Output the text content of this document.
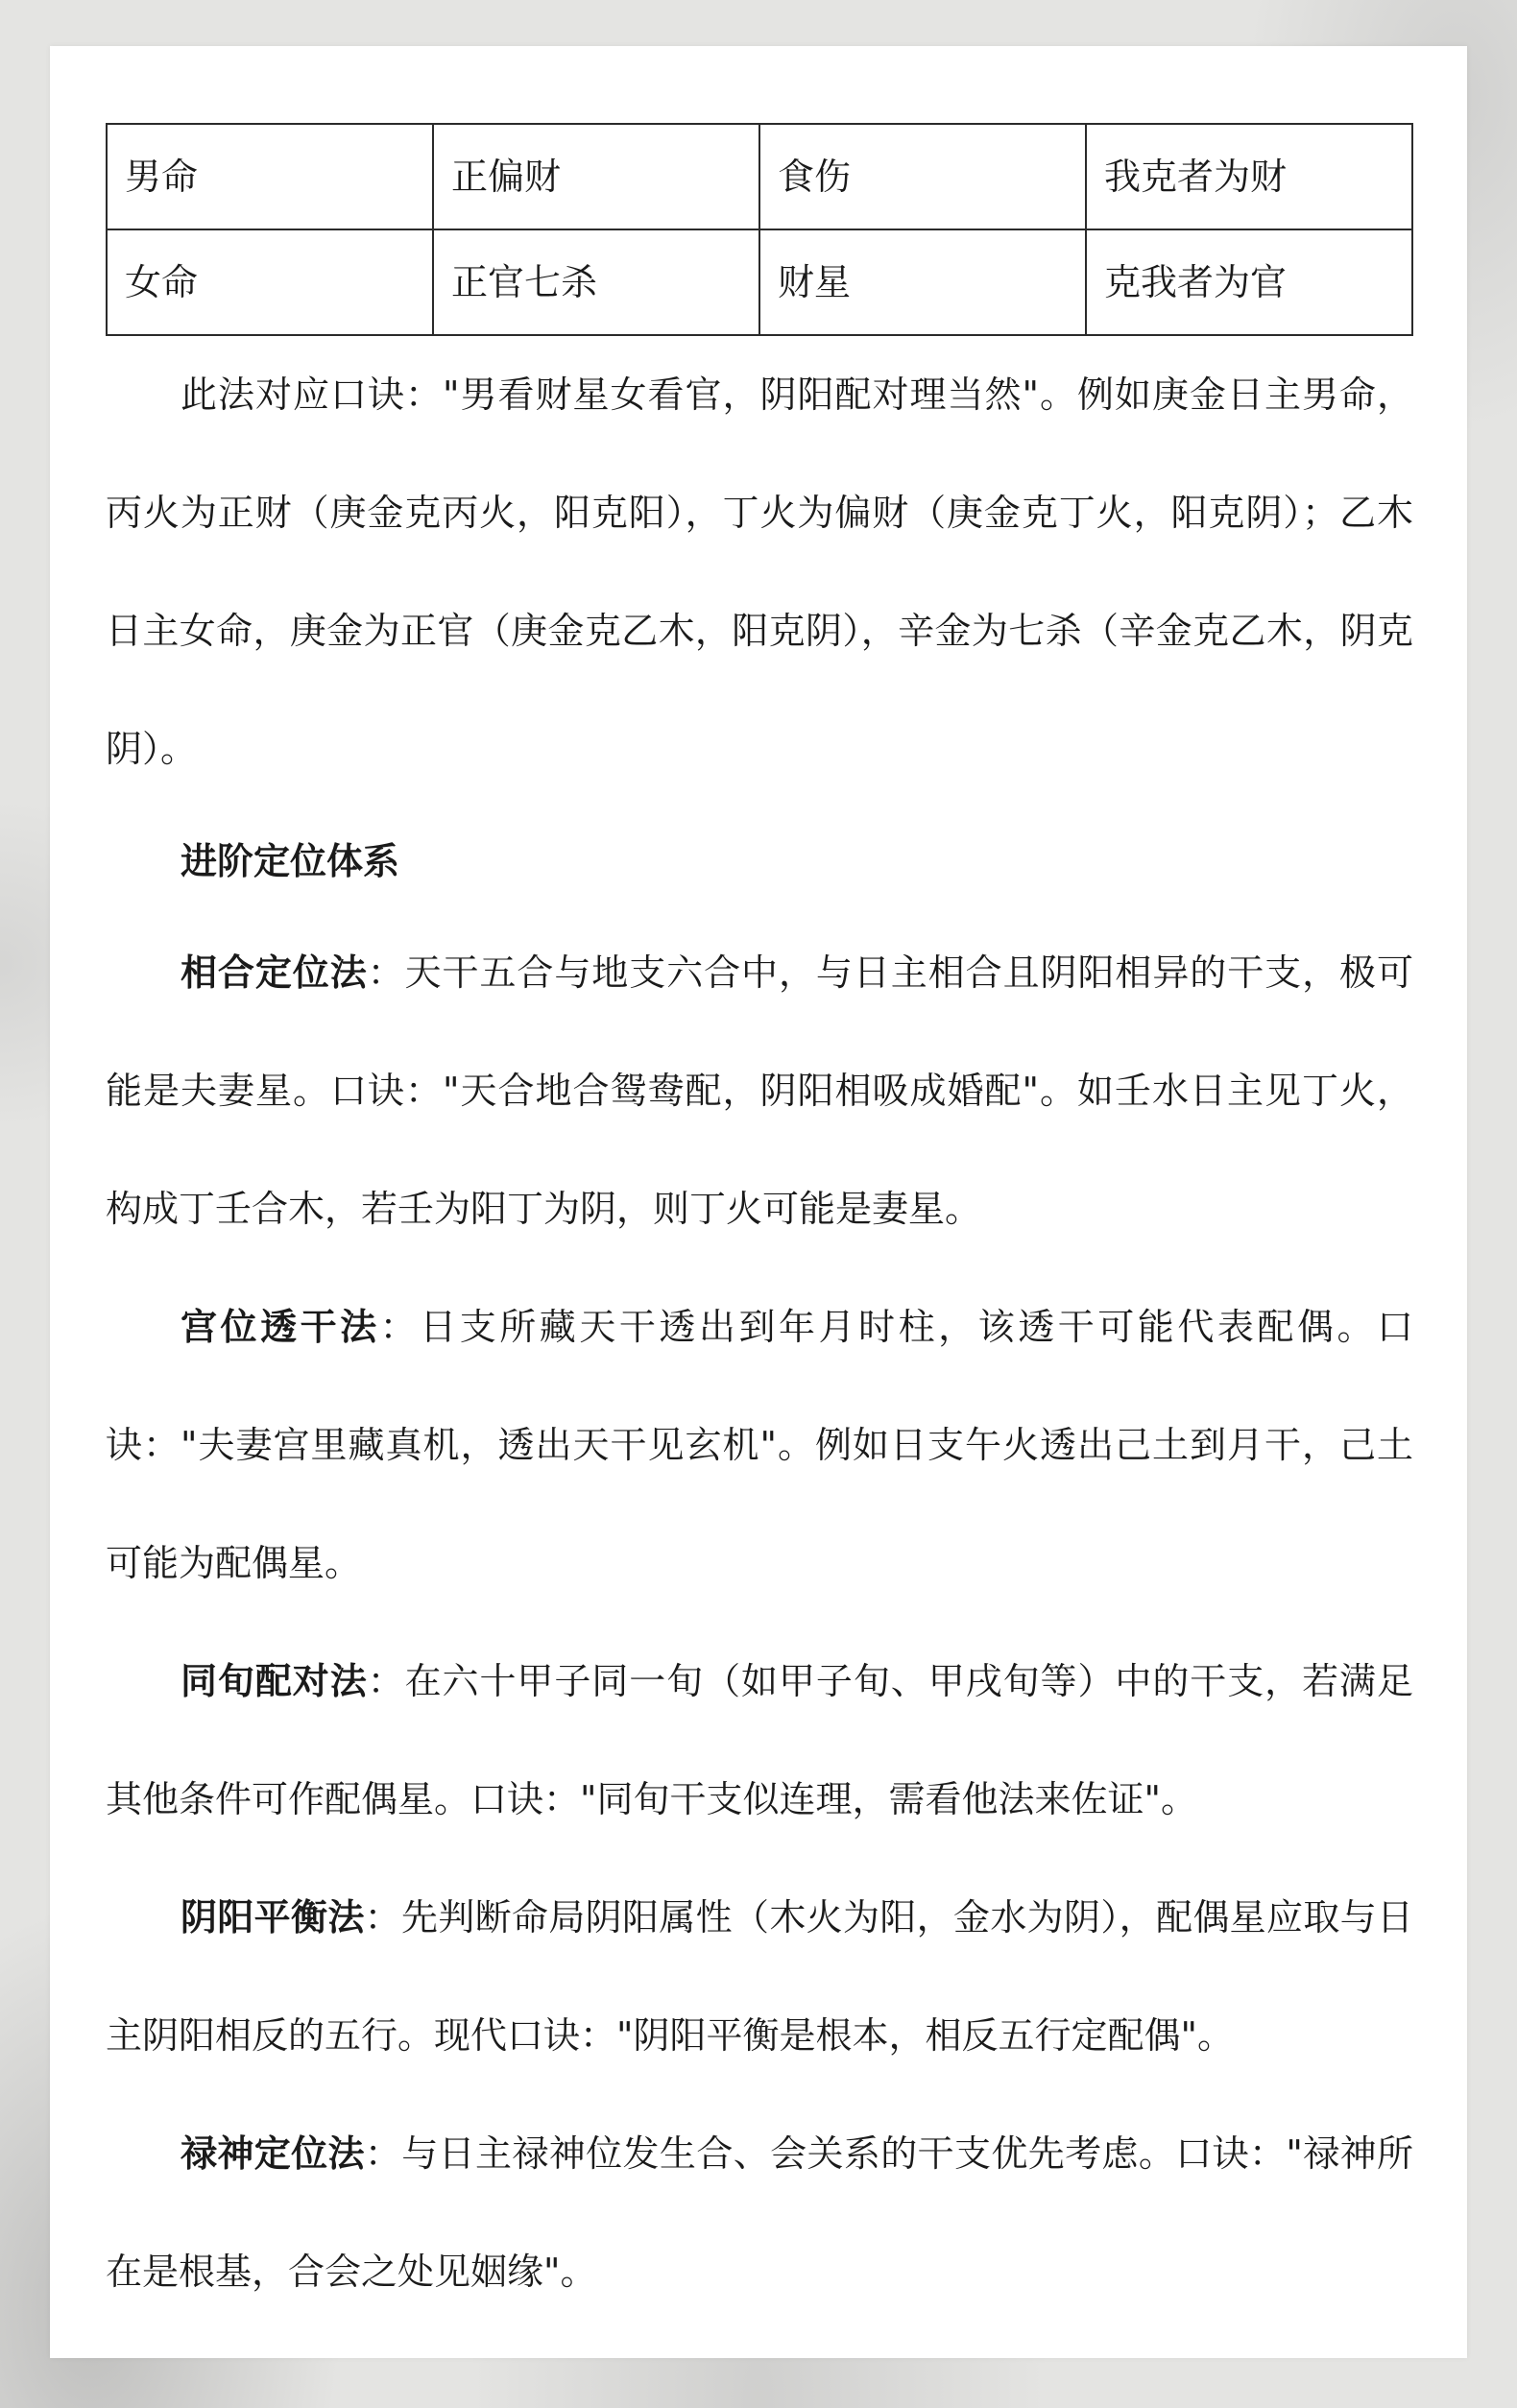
男命	正偏财	食伤	我克者为财
女命	正官七杀	财星	克我者为官

此法对应口诀："男看财星女看官，阴阳配对理当然"。例如庚金日主男命，丙火为正财（庚金克丙火，阳克阳），丁火为偏财（庚金克丁火，阳克阴）；乙木日主女命，庚金为正官（庚金克乙木，阳克阴），辛金为七杀（辛金克乙木，阴克阴）。

进阶定位体系

相合定位法：天干五合与地支六合中，与日主相合且阴阳相异的干支，极可能是夫妻星。口诀："天合地合鸳鸯配，阴阳相吸成婚配"。如壬水日主见丁火，构成丁壬合木，若壬为阳丁为阴，则丁火可能是妻星。

宫位透干法：日支所藏天干透出到年月时柱，该透干可能代表配偶。口诀："夫妻宫里藏真机，透出天干见玄机"。例如日支午火透出己土到月干，己土可能为配偶星。

同旬配对法：在六十甲子同一旬（如甲子旬、甲戌旬等）中的干支，若满足其他条件可作配偶星。口诀："同旬干支似连理，需看他法来佐证"。

阴阳平衡法：先判断命局阴阳属性（木火为阳，金水为阴），配偶星应取与日主阴阳相反的五行。现代口诀："阴阳平衡是根本，相反五行定配偶"。

禄神定位法：与日主禄神位发生合、会关系的干支优先考虑。口诀："禄神所在是根基，合会之处见姻缘"。
